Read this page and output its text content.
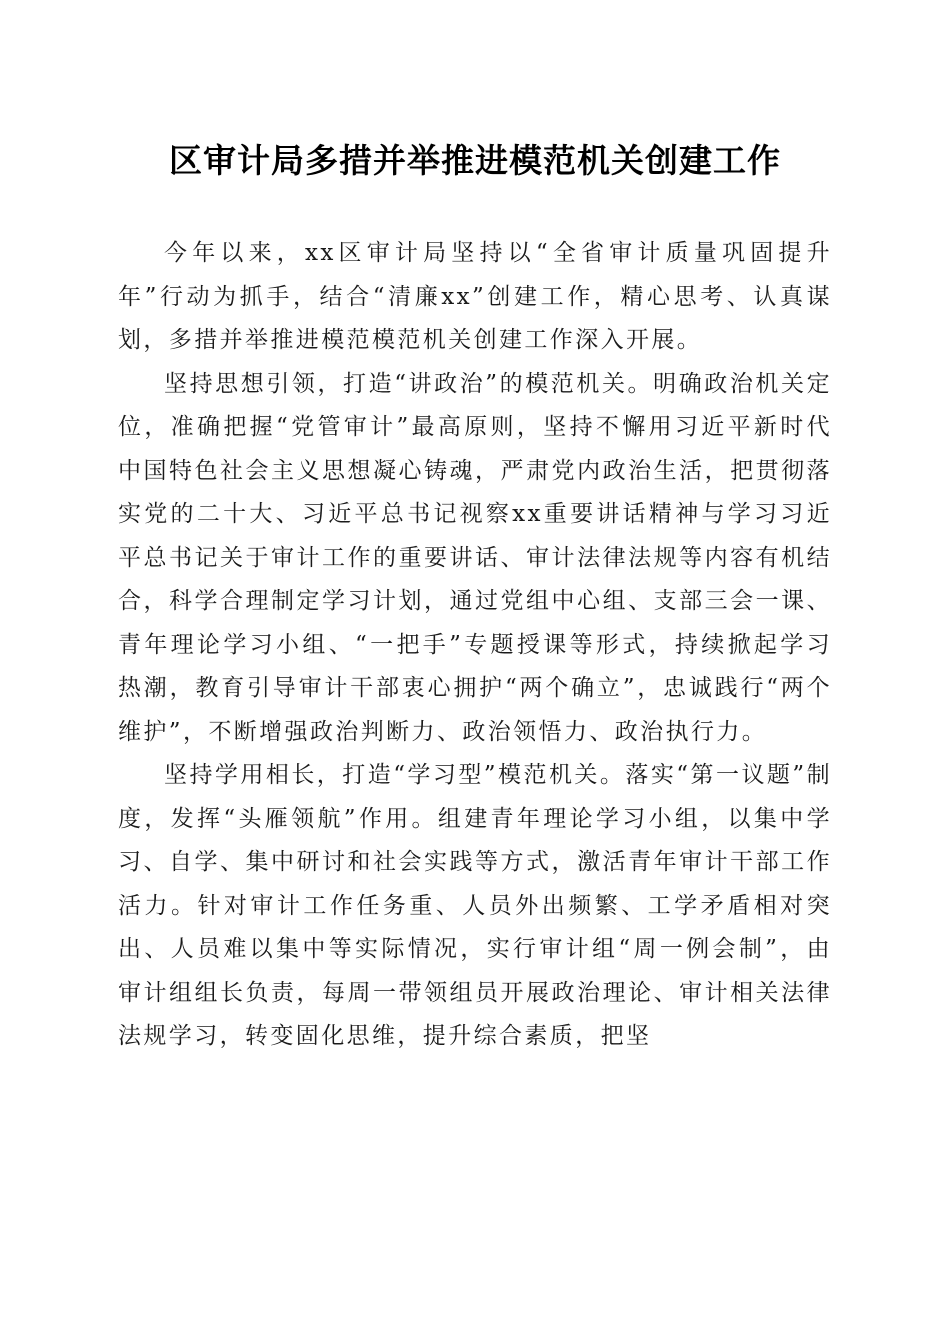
区审计局多措并举推进模范机关创建工作

今年以来，xx区审计局坚持以“全省审计质量巩固提升年”行动为抓手，结合“清廉xx”创建工作，精心思考、认真谋划，多措并举推进模范模范机关创建工作深入开展。

坚持思想引领，打造“讲政治”的模范机关。明确政治机关定位，准确把握“党管审计”最高原则，坚持不懈用习近平新时代中国特色社会主义思想凝心铸魂，严肃党内政治生活，把贯彻落实党的二十大、习近平总书记视察xx重要讲话精神与学习习近平总书记关于审计工作的重要讲话、审计法律法规等内容有机结合，科学合理制定学习计划，通过党组中心组、支部三会一课、青年理论学习小组、“一把手”专题授课等形式，持续掀起学习热潮，教育引导审计干部衷心拥护“两个确立”，忠诚践行“两个维护”，不断增强政治判断力、政治领悟力、政治执行力。

坚持学用相长，打造“学习型”模范机关。落实“第一议题”制度，发挥“头雁领航”作用。组建青年理论学习小组，以集中学习、自学、集中研讨和社会实践等方式，激活青年审计干部工作活力。针对审计工作任务重、人员外出频繁、工学矛盾相对突出、人员难以集中等实际情况，实行审计组“周一例会制”，由审计组组长负责，每周一带领组员开展政治理论、审计相关法律法规学习，转变固化思维，提升综合素质，把坚
